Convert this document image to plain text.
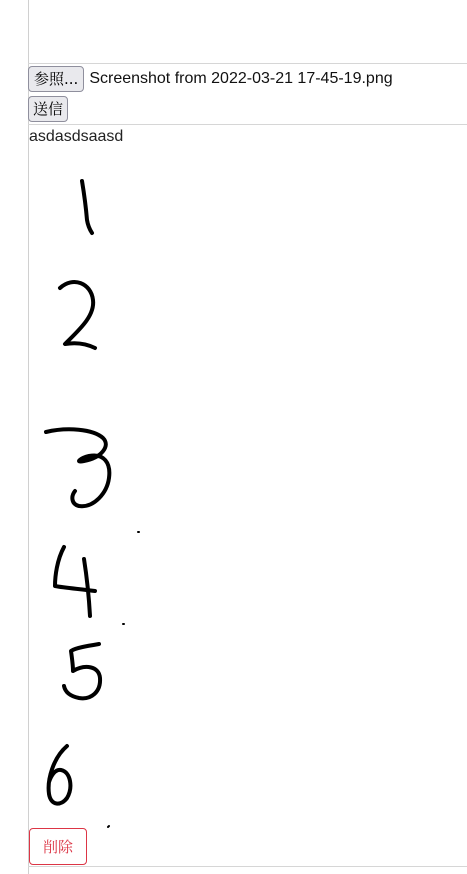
参照... Screenshot from 2022-03-21 17-45-19.png
送信
asdasdsaasd
削除
